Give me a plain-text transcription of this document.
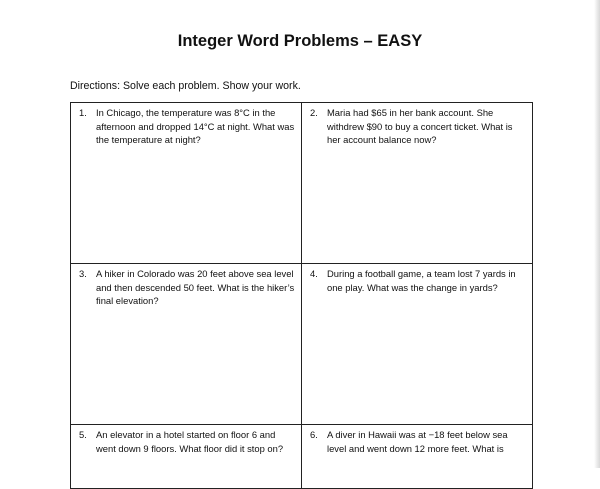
Integer Word Problems – EASY
Directions: Solve each problem. Show your work.
1. In Chicago, the temperature was 8°C in the afternoon and dropped 14°C at night. What was the temperature at night?	2. Maria had $65 in her bank account. She withdrew $90 to buy a concert ticket. What is her account balance now?

3. A hiker in Colorado was 20 feet above sea level and then descended 50 feet. What is the hiker’s final elevation?	4. During a football game, a team lost 7 yards in one play. What was the change in yards?

5. An elevator in a hotel started on floor 6 and went down 9 floors. What floor did it stop on?	6. A diver in Hawaii was at −18 feet below sea level and went down 12 more feet. What is
